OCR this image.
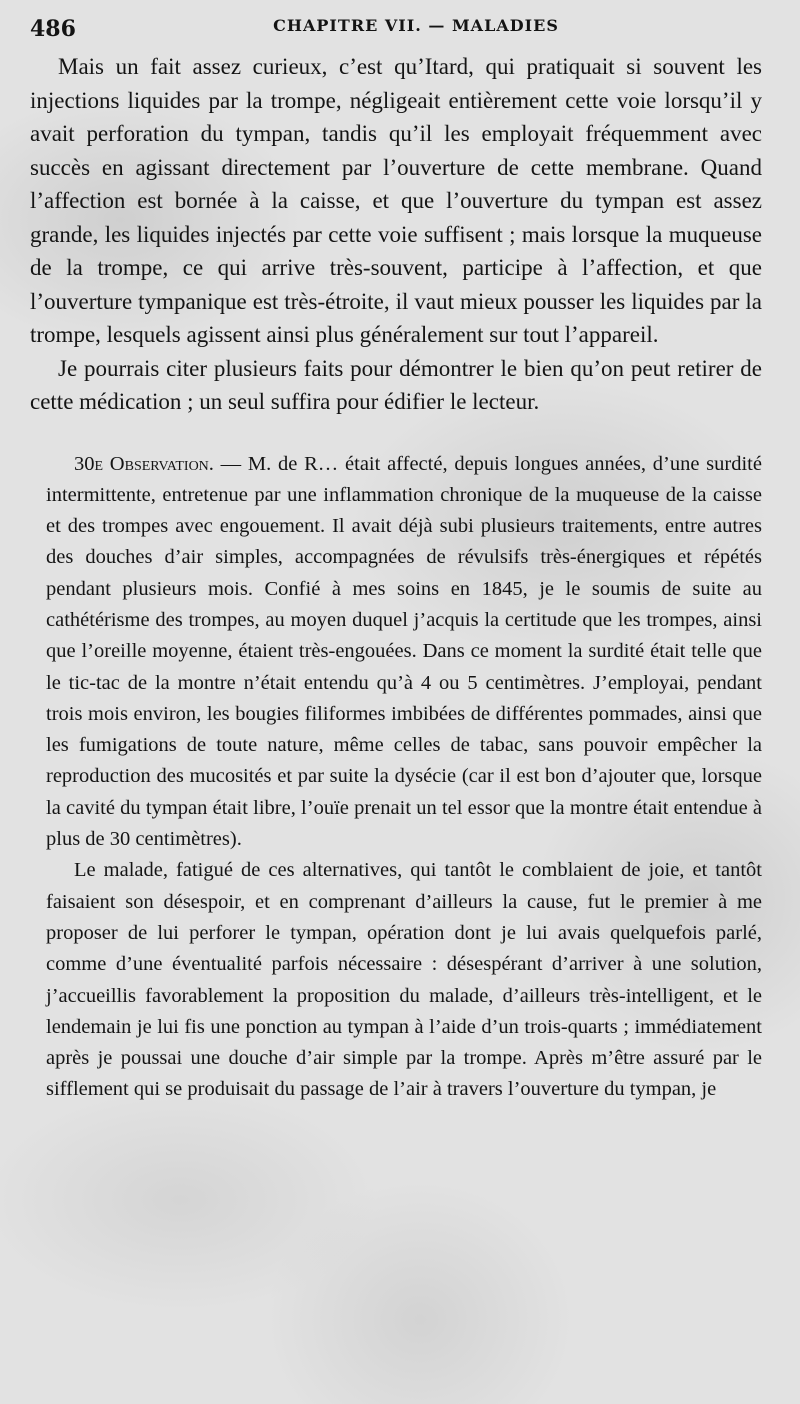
486	CHAPITRE VII. — MALADIES

Mais un fait assez curieux, c’est qu’Itard, qui pratiquait si souvent les injections liquides par la trompe, négligeait entièrement cette voie lorsqu’il y avait perforation du tympan, tandis qu’il les employait fréquemment avec succès en agissant directement par l’ouverture de cette membrane. Quand l’affection est bornée à la caisse, et que l’ouverture du tympan est assez grande, les liquides injectés par cette voie suffisent ; mais lorsque la muqueuse de la trompe, ce qui arrive très-souvent, participe à l’affection, et que l’ouverture tympanique est très-étroite, il vaut mieux pousser les liquides par la trompe, lesquels agissent ainsi plus généralement sur tout l’appareil.

Je pourrais citer plusieurs faits pour démontrer le bien qu’on peut retirer de cette médication ; un seul suffira pour édifier le lecteur.

30e Observation. — M. de R… était affecté, depuis longues années, d’une surdité intermittente, entretenue par une inflammation chronique de la muqueuse de la caisse et des trompes avec engouement. Il avait déjà subi plusieurs traitements, entre autres des douches d’air simples, accompagnées de révulsifs très-énergiques et répétés pendant plusieurs mois. Confié à mes soins en 1845, je le soumis de suite au cathétérisme des trompes, au moyen duquel j’acquis la certitude que les trompes, ainsi que l’oreille moyenne, étaient très-engouées. Dans ce moment la surdité était telle que le tic-tac de la montre n’était entendu qu’à 4 ou 5 centimètres. J’employai, pendant trois mois environ, les bougies filiformes imbibées de différentes pommades, ainsi que les fumigations de toute nature, même celles de tabac, sans pouvoir empêcher la reproduction des mucosités et par suite la dysécie (car il est bon d’ajouter que, lorsque la cavité du tympan était libre, l’ouïe prenait un tel essor que la montre était entendue à plus de 30 centimètres).

Le malade, fatigué de ces alternatives, qui tantôt le comblaient de joie, et tantôt faisaient son désespoir, et en comprenant d’ailleurs la cause, fut le premier à me proposer de lui perforer le tympan, opération dont je lui avais quelquefois parlé, comme d’une éventualité parfois nécessaire : désespérant d’arriver à une solution, j’accueillis favorablement la proposition du malade, d’ailleurs très-intelligent, et le lendemain je lui fis une ponction au tympan à l’aide d’un trois-quarts ; immédiatement après je poussai une douche d’air simple par la trompe. Après m’être assuré par le sifflement qui se produisait du passage de l’air à travers l’ouverture du tympan, je
